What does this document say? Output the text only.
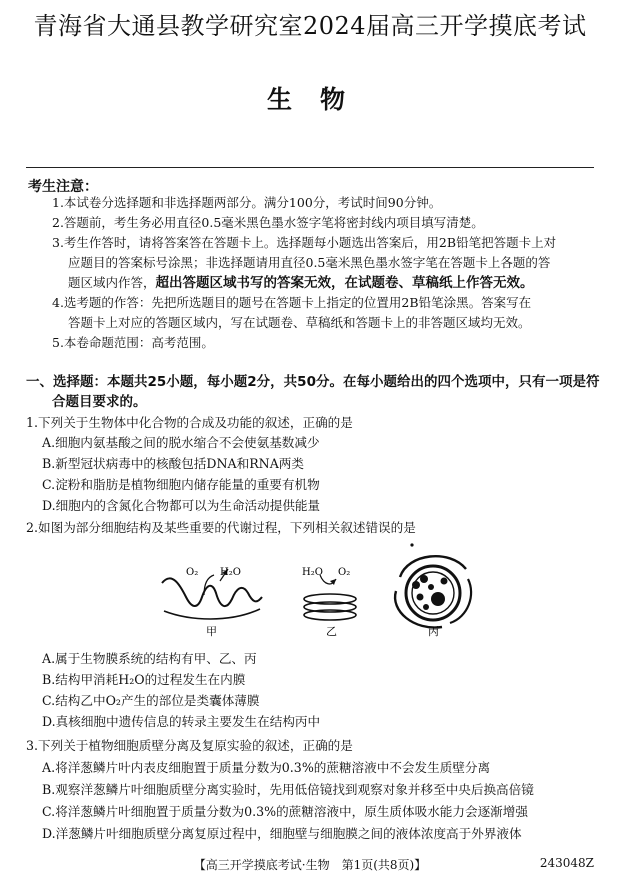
青海省大通县教学研究室2024届高三开学摸底考试
生物
考生注意：
1.本试卷分选择题和非选择题两部分。满分100分，考试时间90分钟。
2.答题前，考生务必用直径0.5毫米黑色墨水签字笔将密封线内项目填写清楚。
3.考生作答时，请将答案答在答题卡上。选择题每小题选出答案后，用2B铅笔把答题卡上对
应题目的答案标号涂黑；非选择题请用直径0.5毫米黑色墨水签字笔在答题卡上各题的答
题区域内作答，超出答题区域书写的答案无效，在试题卷、草稿纸上作答无效。
4.选考题的作答：先把所选题目的题号在答题卡上指定的位置用2B铅笔涂黑。答案写在
答题卡上对应的答题区域内，写在试题卷、草稿纸和答题卡上的非答题区域均无效。
5.本卷命题范围：高考范围。
一、选择题：本题共25小题，每小题2分，共50分。在每小题给出的四个选项中，只有一项是符
合题目要求的。
1.下列关于生物体中化合物的合成及功能的叙述，正确的是
A.细胞内氨基酸之间的脱水缩合不会使氨基数减少
B.新型冠状病毒中的核酸包括DNA和RNA两类
C.淀粉和脂肪是植物细胞内储存能量的重要有机物
D.细胞内的含氮化合物都可以为生命活动提供能量
2.如图为部分细胞结构及某些重要的代谢过程，下列相关叙述错误的是
O₂ H₂O
甲
H₂O O₂
乙	丙
A.属于生物膜系统的结构有甲、乙、丙
B.结构甲消耗H₂O的过程发生在内膜
C.结构乙中O₂产生的部位是类囊体薄膜
D.真核细胞中遗传信息的转录主要发生在结构丙中
3.下列关于植物细胞质壁分离及复原实验的叙述，正确的是
A.将洋葱鳞片叶内表皮细胞置于质量分数为0.3%的蔗糖溶液中不会发生质壁分离
B.观察洋葱鳞片叶细胞质壁分离实验时，先用低倍镜找到观察对象并移至中央后换高倍镜
C.将洋葱鳞片叶细胞置于质量分数为0.3%的蔗糖溶液中，原生质体吸水能力会逐渐增强
D.洋葱鳞片叶细胞质壁分离复原过程中，细胞壁与细胞膜之间的液体浓度高于外界液体
【高三开学摸底考试·生物　第1页(共8页)】	243048Z
